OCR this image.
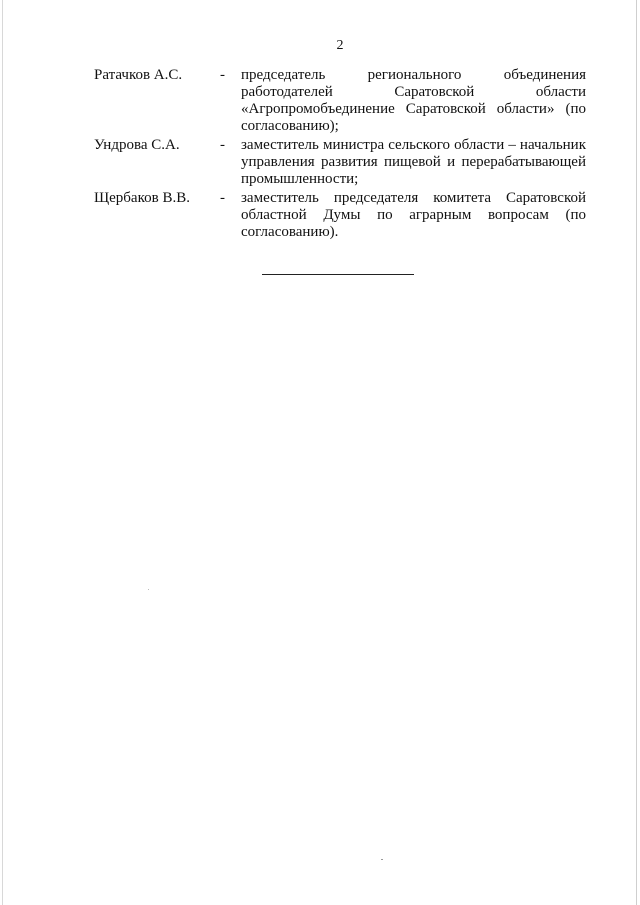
2
Ратачков А.С.	-	председатель регионального объединения работодателей Саратовской области «Агропромобъединение Саратовской области» (по согласованию);
Ундрова С.А.	-	заместитель министра сельского области – начальник управления развития пищевой и перерабатывающей промышленности;
Щербаков В.В.	-	заместитель председателя комитета Саратовской областной Думы по аграрным вопросам (по согласованию).
